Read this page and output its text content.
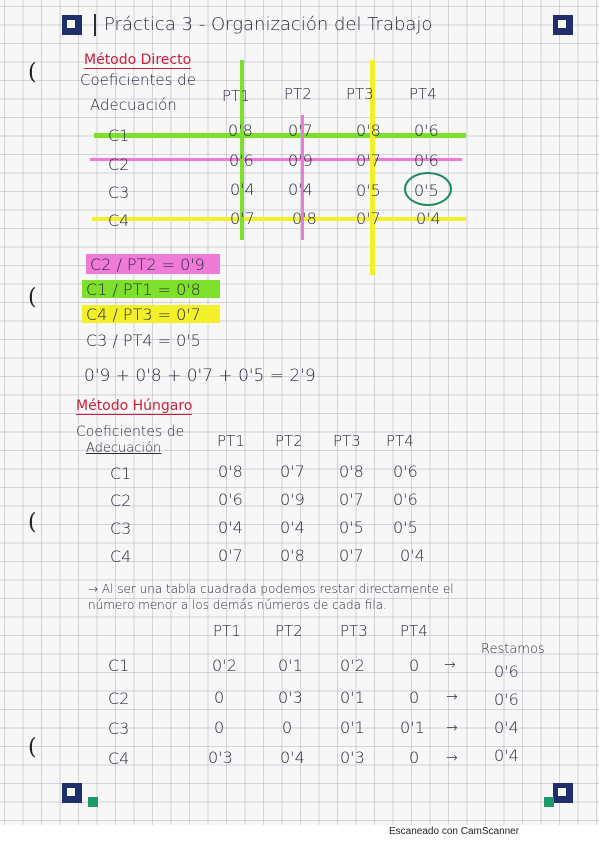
(
(
(
(
Práctica 3 - Organización del Trabajo
Método Directo
Coeficientes de
Adecuación	PT1 PT2 PT3 PT4
C1	0'8 0'7	0'8 0'6
C2	0'6 0'9	0'7 0'6
C3	0'4 0'4	0'5 0'5
C4	0'7 0'8 0'7 0'4
C2 / PT2 = 0'9
C1 / PT1 = 0'8
C4 / PT3 = 0'7
C3 / PT4 = 0'5
0'9 + 0'8 + 0'7 + 0'5 = 2'9
Método Húngaro
Coeficientes de
Adecuación	PT1 PT2 PT3 PT4
C1	0'8 0'7 0'8 0'6
C2	0'6 0'9 0'7 0'6
C3	0'4 0'4 0'5 0'5
C4	0'7 0'8 0'7 0'4
→ Al ser una tabla cuadrada podemos restar directamente el
número menor a los demás números de cada fila.
PT1 PT2 PT3 PT4
Restamos
C1	0'2	0'1 0'2	0 → 0'6
C2	0	0'3 0'1	0 → 0'6
C3	0	0	0'1 0'1 → 0'4
C4	0'3	0'4 0'3	0 → 0'4
Escaneado con CamScanner
